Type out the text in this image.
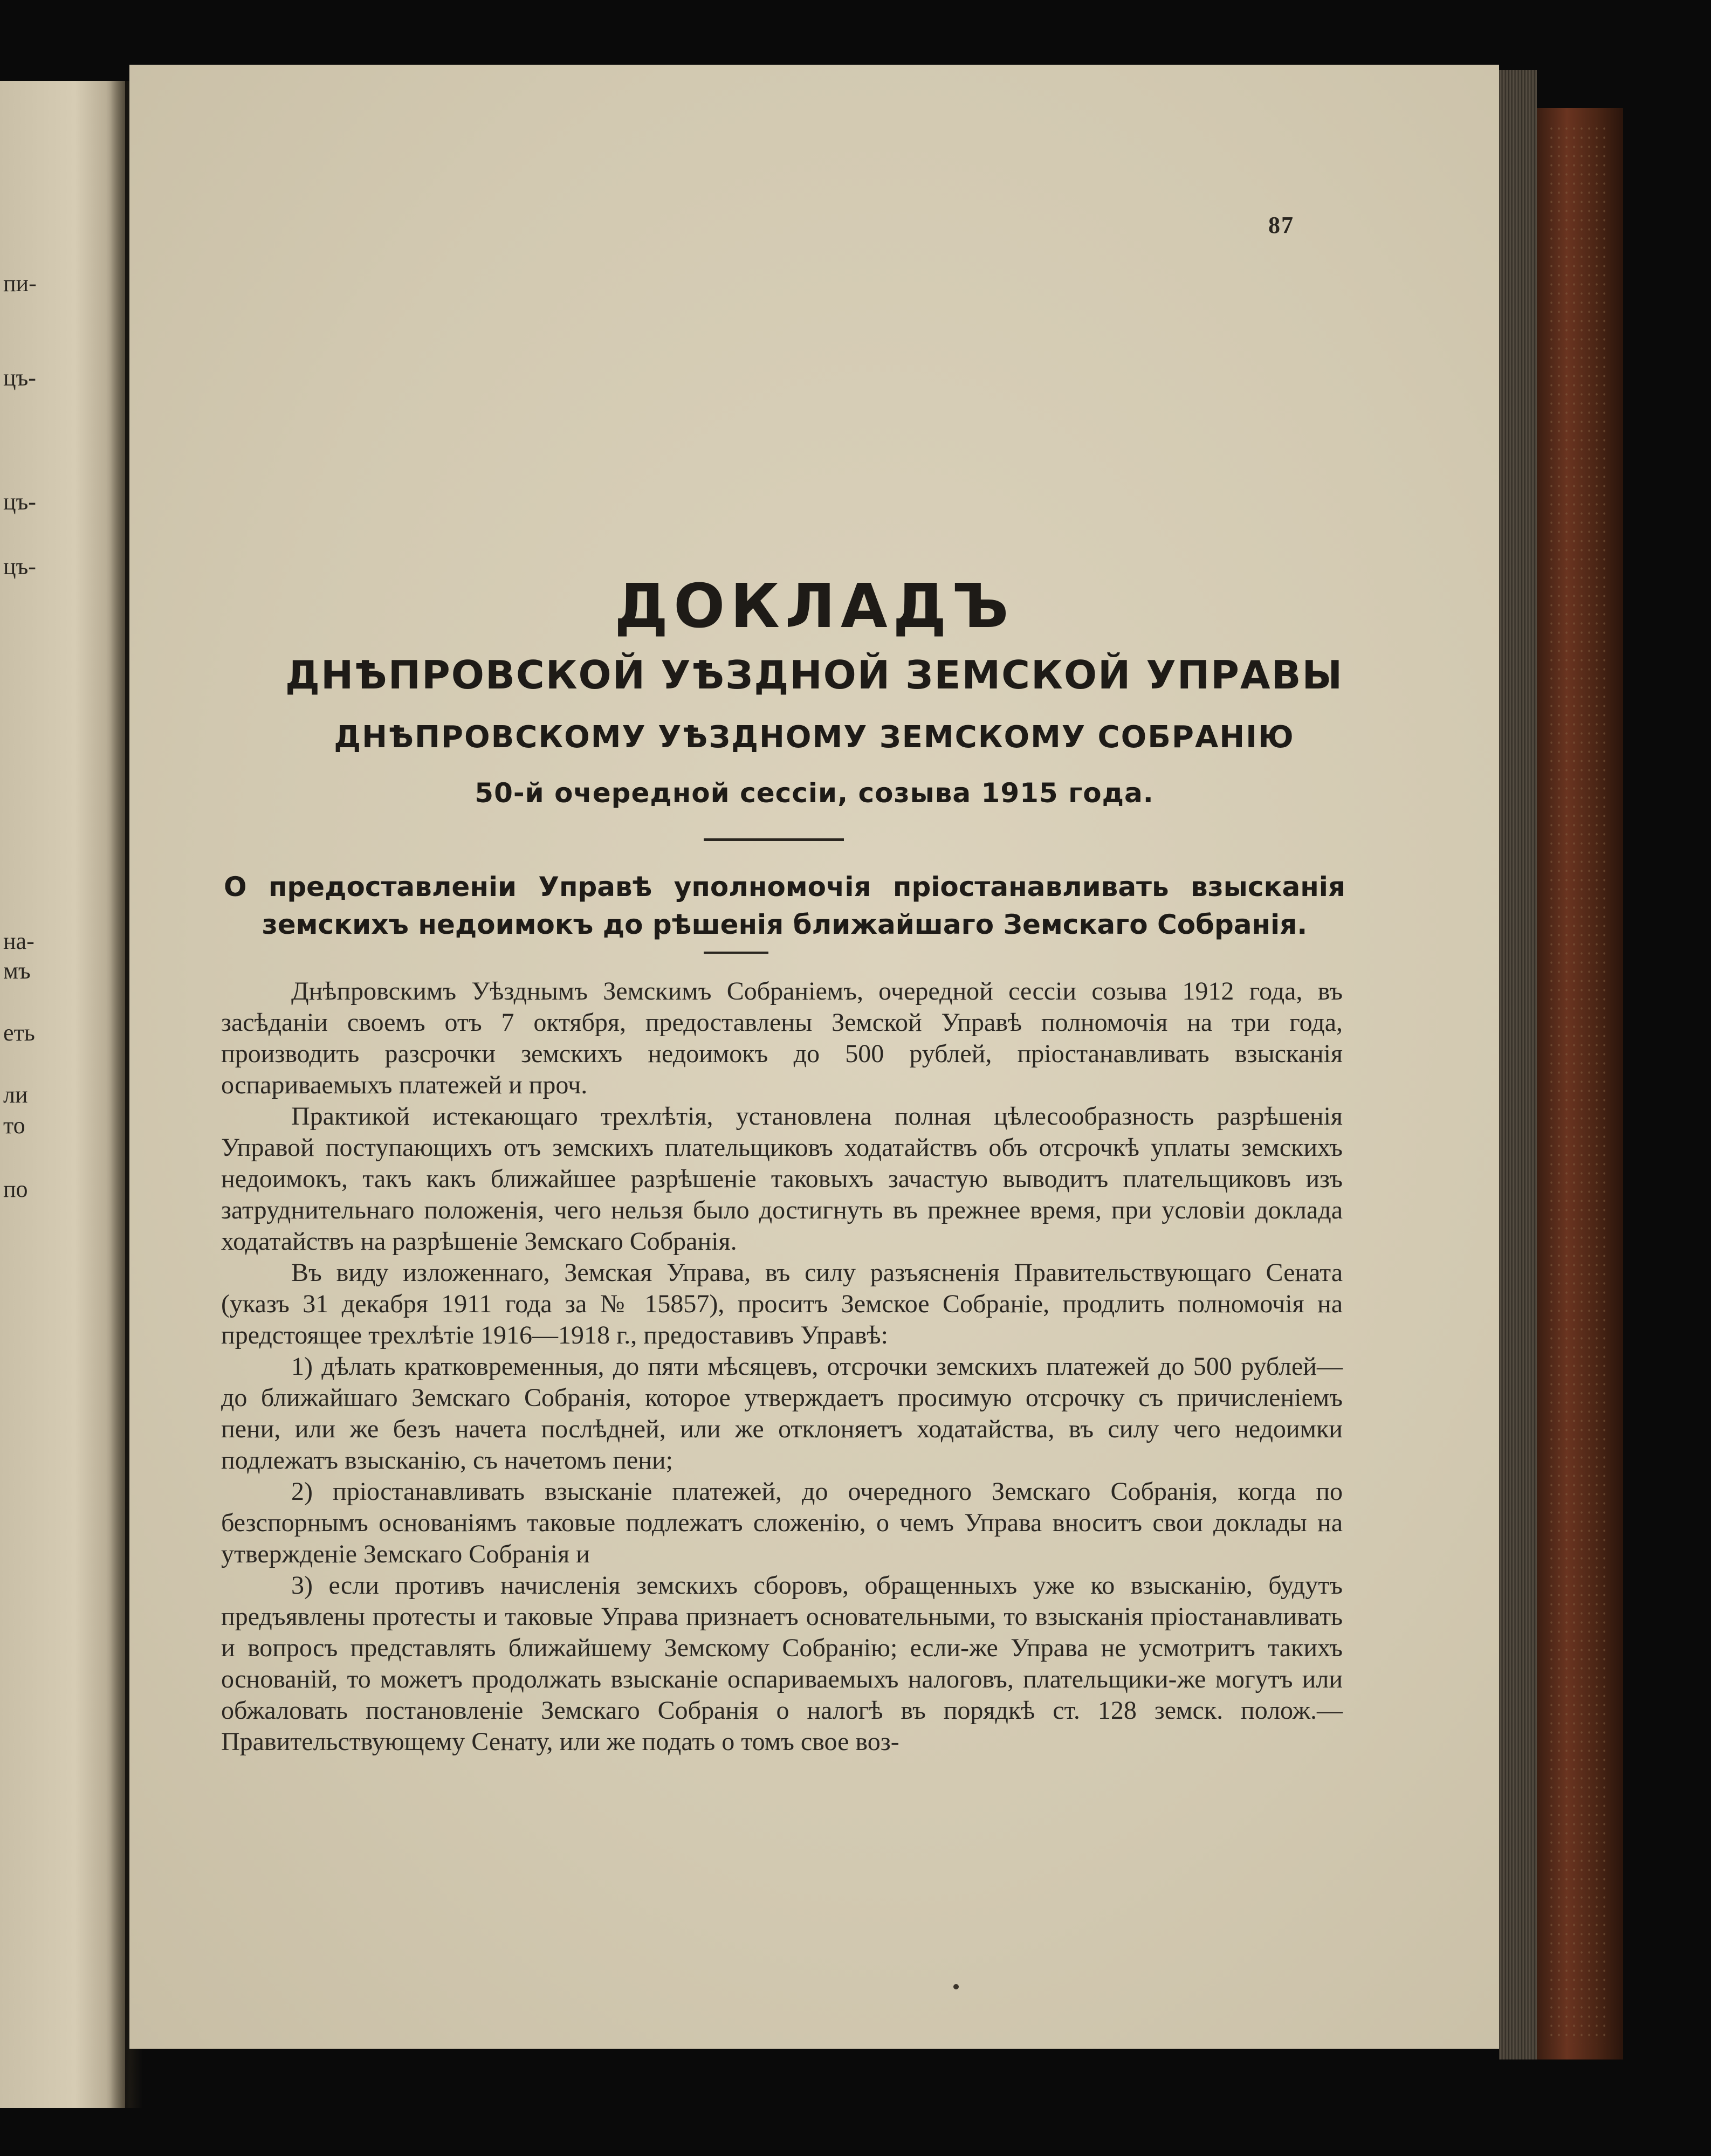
пи-
цъ-
цъ-
цъ-
на-
мъ
еть
ли
то
по
87
ДОКЛАДЪ
ДНѢПРОВСКОЙ УѢЗДНОЙ ЗЕМСКОЙ УПРАВЫ
ДНѢПРОВСКОМУ УѢЗДНОМУ ЗЕМСКОМУ СОБРАНІЮ
50-й очередной сессіи, созыва 1915 года.
О предоставленіи Управѣ уполномочія пріостанавливать взысканія земскихъ недоимокъ до рѣшенія ближайшаго Земскаго Собранія.

Днѣпровскимъ Уѣзднымъ Земскимъ Собраніемъ, очередной сессіи созыва 1912 года, въ засѣданіи своемъ отъ 7 октября, предоставлены Земской Управѣ полномочія на три года, производить разсрочки земскихъ недоимокъ до 500 рублей, пріостанавливать взысканія оспариваемыхъ платежей и проч.

Практикой истекающаго трехлѣтія, установлена полная цѣлесообразность разрѣшенія Управой поступающихъ отъ земскихъ плательщиковъ ходатайствъ объ отсрочкѣ уплаты земскихъ недоимокъ, такъ какъ ближайшее разрѣшеніе таковыхъ зачастую выводитъ плательщиковъ изъ затруднительнаго положенія, чего нельзя было достигнуть въ прежнее время, при условіи доклада ходатайствъ на разрѣшеніе Земскаго Собранія.

Въ виду изложеннаго, Земская Управа, въ силу разъясненія Правительствующаго Сената (указъ 31 декабря 1911 года за № 15857), проситъ Земское Собраніе, продлить полномочія на предстоящее трехлѣтіе 1916—1918 г., предоставивъ Управѣ:

1) дѣлать кратковременныя, до пяти мѣсяцевъ, отсрочки земскихъ платежей до 500 рублей—до ближайшаго Земскаго Собранія, которое утверждаетъ просимую отсрочку съ причисленіемъ пени, или же безъ начета послѣдней, или же отклоняетъ ходатайства, въ силу чего недоимки подлежатъ взысканію, съ начетомъ пени;

2) пріостанавливать взысканіе платежей, до очередного Земскаго Собранія, когда по безспорнымъ основаніямъ таковые подлежатъ сложенію, о чемъ Управа вноситъ свои доклады на утвержденіе Земскаго Собранія и

3) если противъ начисленія земскихъ сборовъ, обращенныхъ уже ко взысканію, будутъ предъявлены протесты и таковые Управа признаетъ основательными, то взысканія пріостанавливать и вопросъ представлять ближайшему Земскому Собранію; если-же Управа не усмотритъ такихъ основаній, то можетъ продолжать взысканіе оспариваемыхъ налоговъ, плательщики-же могутъ или обжаловать постановленіе Земскаго Собранія о налогѣ въ порядкѣ ст. 128 земск. полож.—Правительствующему Сенату, или же подать о томъ свое воз-
